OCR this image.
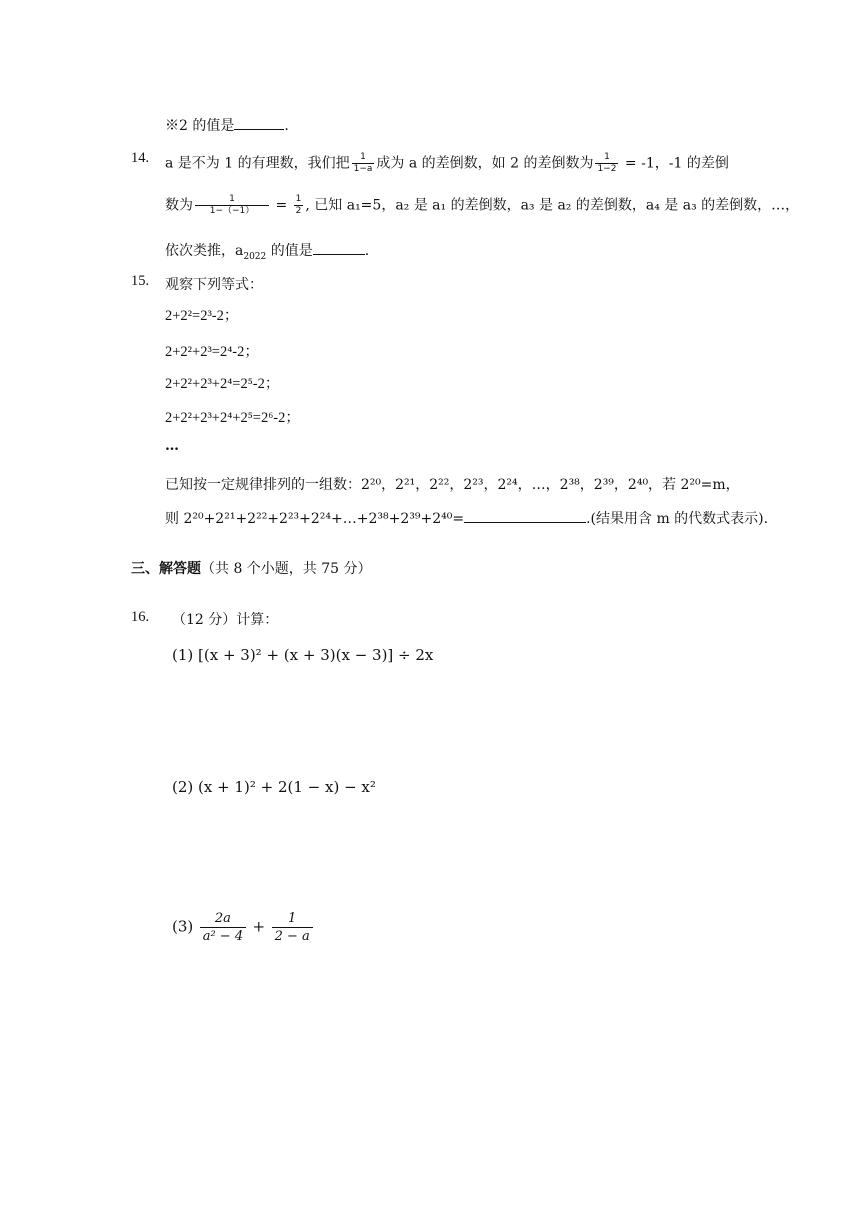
※2 的值是	.
14. a 是不为 1 的有理数，我们把 $\frac{1}{1-a}$ 成为 a 的差倒数，如 2 的差倒数为 $\frac{1}{1-2} = -1$，-1 的差倒
数为 $\frac{1}{1-(-1)} = \frac{1}{2}$ , 已知 a₁=5，a₂ 是 a₁ 的差倒数，a₃ 是 a₂ 的差倒数，a₄ 是 a₃ 的差倒数，…，
依次类推，$a_{2022}$ 的值是	.
15. 观察下列等式：
2+2²=2³-2；
2+2²+2³=2⁴-2；
2+2²+2³+2⁴=2⁵-2；
2+2²+2³+2⁴+2⁵=2⁶-2；
…
已知按一定规律排列的一组数：2²⁰，2²¹，2²²，2²³，2²⁴，…，2³⁸，2³⁹，2⁴⁰，若 2²⁰=m，
则 2²⁰+2²¹+2²²+2²³+2²⁴+…+2³⁸+2³⁹+2⁴⁰=	.(结果用含 m 的代数式表示).
三、解答题（共 8 个小题，共 75 分）
16. （12 分）计算：
(1) [(x + 3)² + (x + 3)(x − 3)] ÷ 2x
(2) (x + 1)² + 2(1 − x) − x²
$(3) \frac{2a}{\text{a² − 4}} + \frac{1}{2 - a}$
